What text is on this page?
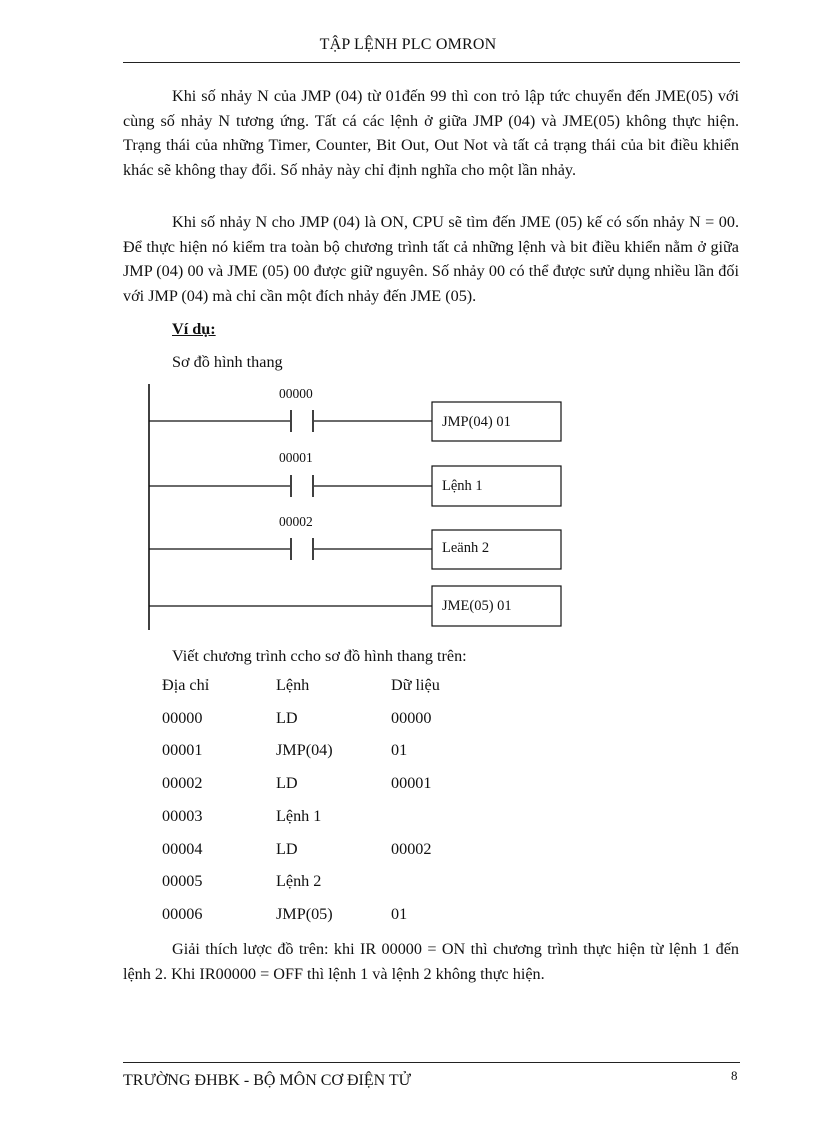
TẬP LỆNH PLC OMRON

Khi số nhảy N của JMP (04) từ 01đến 99 thì con trỏ lập tức chuyển đến JME(05) với cùng số nhảy N tương ứng. Tất cá các lệnh ở giữa JMP (04) và JME(05) không thực hiện. Trạng thái của những Timer, Counter, Bit Out, Out Not và tất cả trạng thái của bit điều khiển khác sẽ không thay đổi. Số nhảy này chỉ định nghĩa cho một lần nhảy.

Khi số nhảy N cho JMP (04) là ON, CPU sẽ tìm đến JME (05) kế có sốn nhảy N = 00. Để thực hiện nó kiểm tra toàn bộ chương trình tất cả những lệnh và bit điều khiển nằm ở giữa JMP (04) 00 và JME (05) 00 được giữ nguyên. Số nhảy 00 có thể được sưử dụng nhiều lần đối với JMP (04) mà chỉ cần một đích nhảy đến JME (05).

Ví dụ:
Sơ đồ hình thang
00000
JMP(04) 01
00001
Lệnh 1
00002
Leänh 2
JME(05) 01
Viết chương trình ccho sơ đồ hình thang trên:
Địa chỉ	Lệnh	Dữ liệu
00000	LD	00000
00001	JMP(04)	01
00002	LD	00001
00003	Lệnh 1
00004	LD	00002
00005	Lệnh 2
00006	JMP(05)	01

Giải thích lược đồ trên: khi IR 00000 = ON thì chương trình thực hiện từ lệnh 1 đến lệnh 2. Khi IR00000 = OFF thì lệnh 1 và lệnh 2 không thực hiện.

TRƯỜNG ĐHBK - BỘ MÔN CƠ ĐIỆN TỬ	8
